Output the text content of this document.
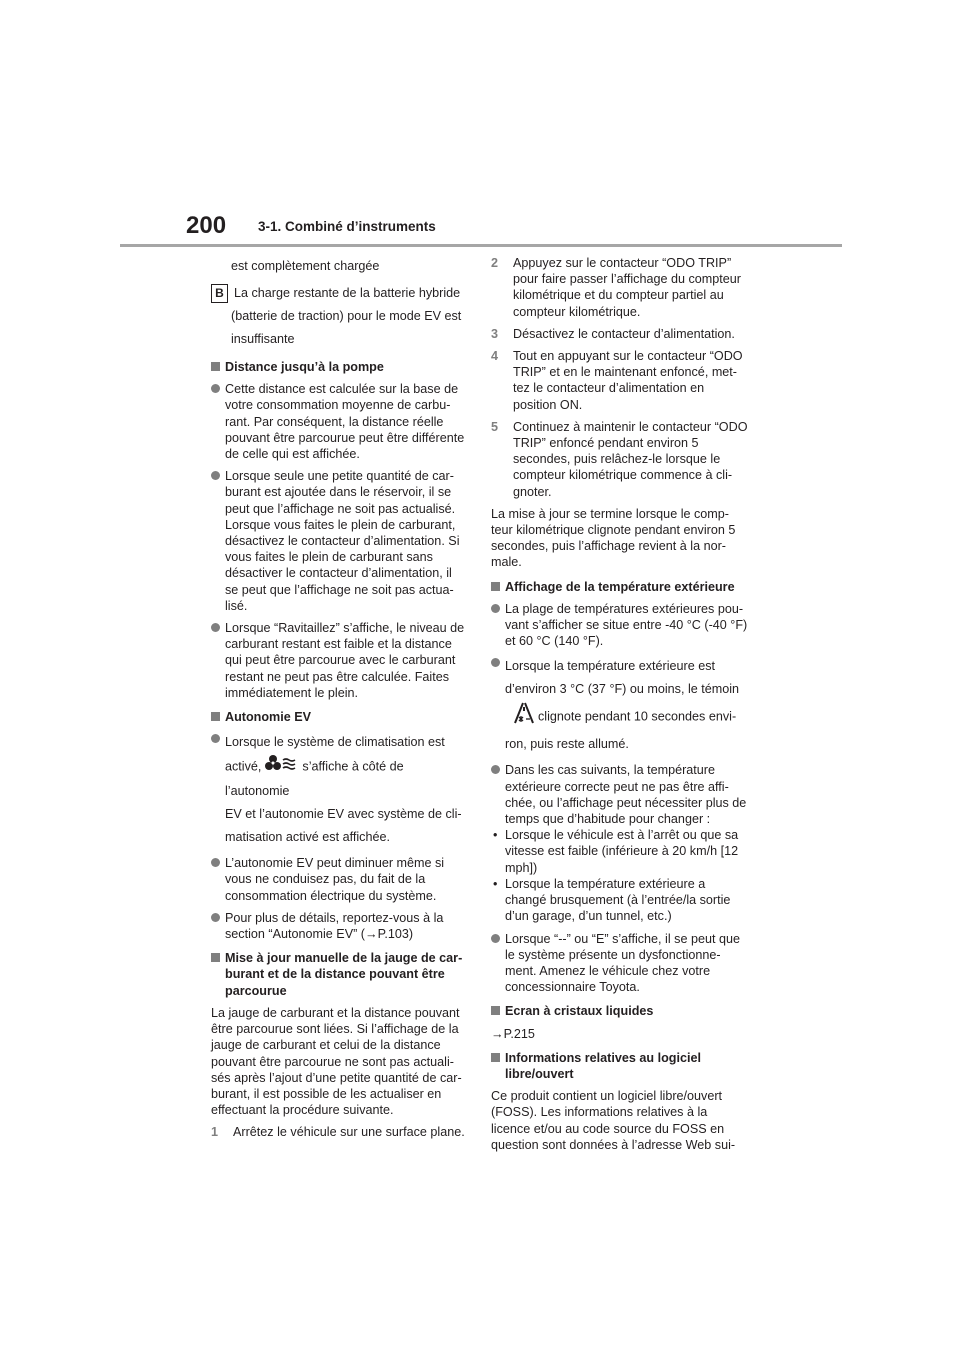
200 3-1. Combiné d’instruments
est complètement chargée
B La charge restante de la batterie hybride
(batterie de traction) pour le mode EV est
insuffisante
Distance jusqu’à la pompe
Cette distance est calculée sur la base de votre consommation moyenne de carbu-rant. Par conséquent, la distance réelle pouvant être parcourue peut être différente de celle qui est affichée.
Lorsque seule une petite quantité de car-burant est ajoutée dans le réservoir, il se peut que l’affichage ne soit pas actualisé. Lorsque vous faites le plein de carburant, désactivez le contacteur d’alimentation. Si vous faites le plein de carburant sans désactiver le contacteur d’alimentation, il se peut que l’affichage ne soit pas actua-lisé.
Lorsque “Ravitaillez” s’affiche, le niveau de carburant restant est faible et la distance qui peut être parcourue avec le carburant restant ne peut pas être calculée. Faites immédiatement le plein.
Autonomie EV
Lorsque le système de climatisation est
activé,	s’affiche à côté de l’autonomie
EV et l’autonomie EV avec système de cli-
matisation activé est affichée.
L’autonomie EV peut diminuer même si vous ne conduisez pas, du fait de la consommation électrique du système.
Pour plus de détails, reportez-vous à la section “Autonomie EV” (→P.103)
Mise à jour manuelle de la jauge de car-burant et de la distance pouvant être parcourue
La jauge de carburant et la distance pouvant être parcourue sont liées. Si l’affichage de la jauge de carburant et celui de la distance pouvant être parcourue ne sont pas actuali-sés après l’ajout d’une petite quantité de car-burant, il est possible de les actualiser en effectuant la procédure suivante.
1 Arrêtez le véhicule sur une surface plane.
2 Appuyez sur le contacteur “ODO TRIP” pour faire passer l’affichage du compteur kilométrique et du compteur partiel au compteur kilométrique.
3 Désactivez le contacteur d’alimentation.
4 Tout en appuyant sur le contacteur “ODO TRIP” et en le maintenant enfoncé, met-tez le contacteur d’alimentation en position ON.
5 Continuez à maintenir le contacteur “ODO TRIP” enfoncé pendant environ 5 secondes, puis relâchez-le lorsque le compteur kilométrique commence à cli-gnoter.
La mise à jour se termine lorsque le comp-teur kilométrique clignote pendant environ 5 secondes, puis l’affichage revient à la nor-male.
Affichage de la température extérieure
La plage de températures extérieures pou-vant s’afficher se situe entre -40 °C (-40 °F) et 60 °C (140 °F).
Lorsque la température extérieure est
d’environ 3 °C (37 °F) ou moins, le témoin
clignote pendant 10 secondes envi-
ron, puis reste allumé.
Dans les cas suivants, la température extérieure correcte peut ne pas être affi-chée, ou l’affichage peut nécessiter plus de temps que d’habitude pour changer :
• Lorsque le véhicule est à l’arrêt ou que sa vitesse est faible (inférieure à 20 km/h [12 mph])
• Lorsque la température extérieure a changé brusquement (à l’entrée/la sortie d’un garage, d’un tunnel, etc.)
Lorsque “--” ou “E” s’affiche, il se peut que le système présente un dysfonctionne-ment. Amenez le véhicule chez votre concessionnaire Toyota.
Ecran à cristaux liquides
→P.215
Informations relatives au logiciel libre/ouvert
Ce produit contient un logiciel libre/ouvert (FOSS). Les informations relatives à la licence et/ou au code source du FOSS en question sont données à l’adresse Web sui-
